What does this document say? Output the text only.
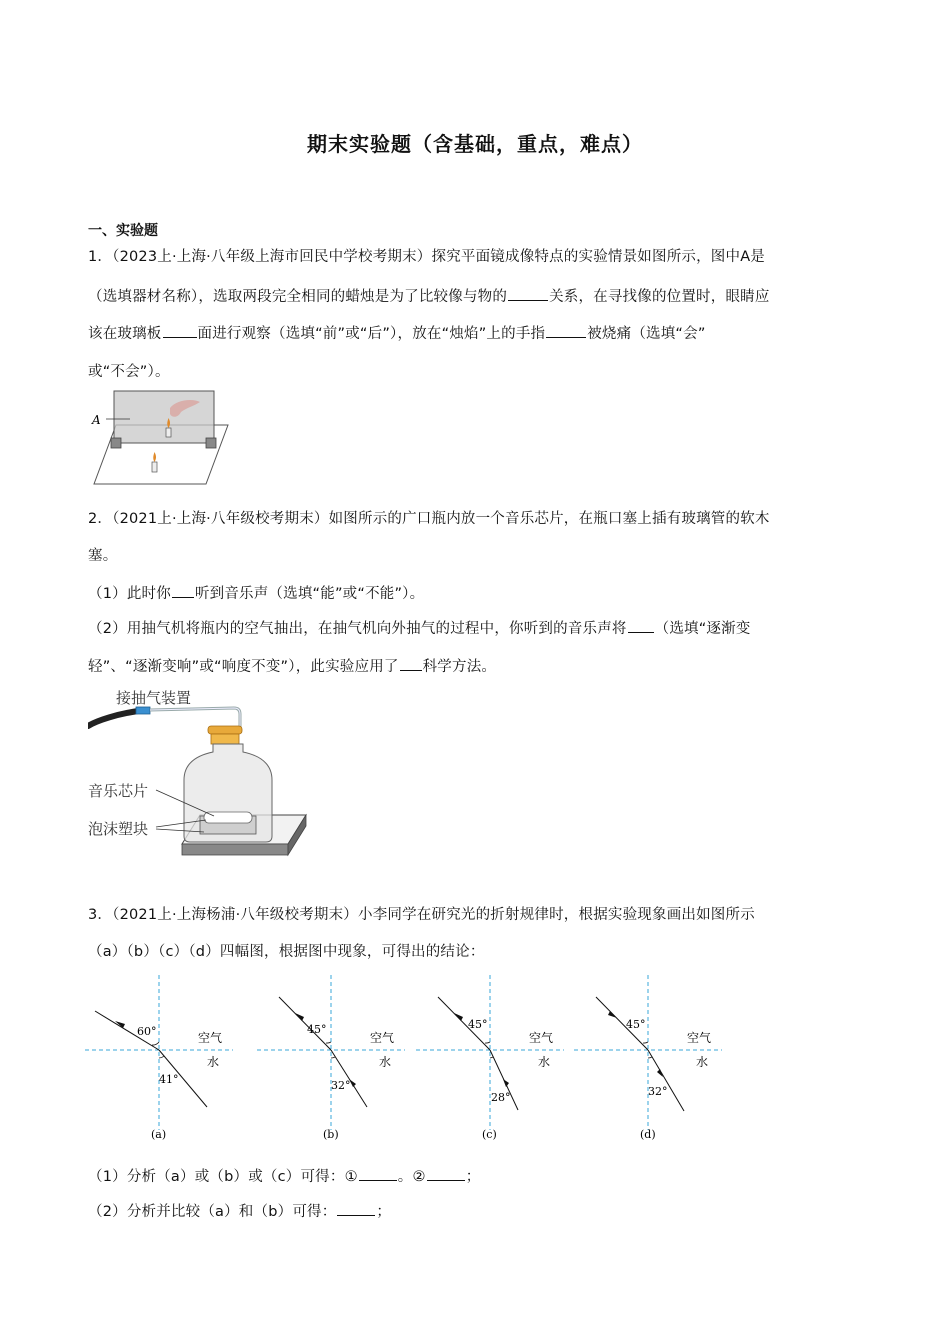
期末实验题（含基础，重点，难点）
一、实验题
1．（2023上·上海·八年级上海市回民中学校考期末）探究平面镜成像特点的实验情景如图所示，图中A是
（选填器材名称），选取两段完全相同的蜡烛是为了比较像与物的	关系，在寻找像的位置时，眼睛应
该在玻璃板 面进行观察（选填“前”或“后”），放在“烛焰”上的手指	被烧痛（选填“会”
或“不会”）。
A
2．（2021上·上海·八年级校考期末）如图所示的广口瓶内放一个音乐芯片，在瓶口塞上插有玻璃管的软木
塞。
（1）此时你 听到音乐声（选填“能”或“不能”）。
（2）用抽气机将瓶内的空气抽出，在抽气机向外抽气的过程中，你听到的音乐声将 （选填“逐渐变
轻”、“逐渐变响”或“响度不变”），此实验应用了 科学方法。
接抽气装置
音乐芯片
泡沫塑块
3．（2021上·上海杨浦·八年级校考期末）小李同学在研究光的折射规律时，根据实验现象画出如图所示
（a）（b）（c）（d）四幅图，根据图中现象，可得出的结论：
60°
41°
空气
水
(a)
45°
32°
空气
水
(b)
45°
28°
空气
水
(c)
45°
32°
空气
水
(d)
（1）分析（a）或（b）或（c）可得：①	。②	；
（2）分析并比较（a）和（b）可得：	；
